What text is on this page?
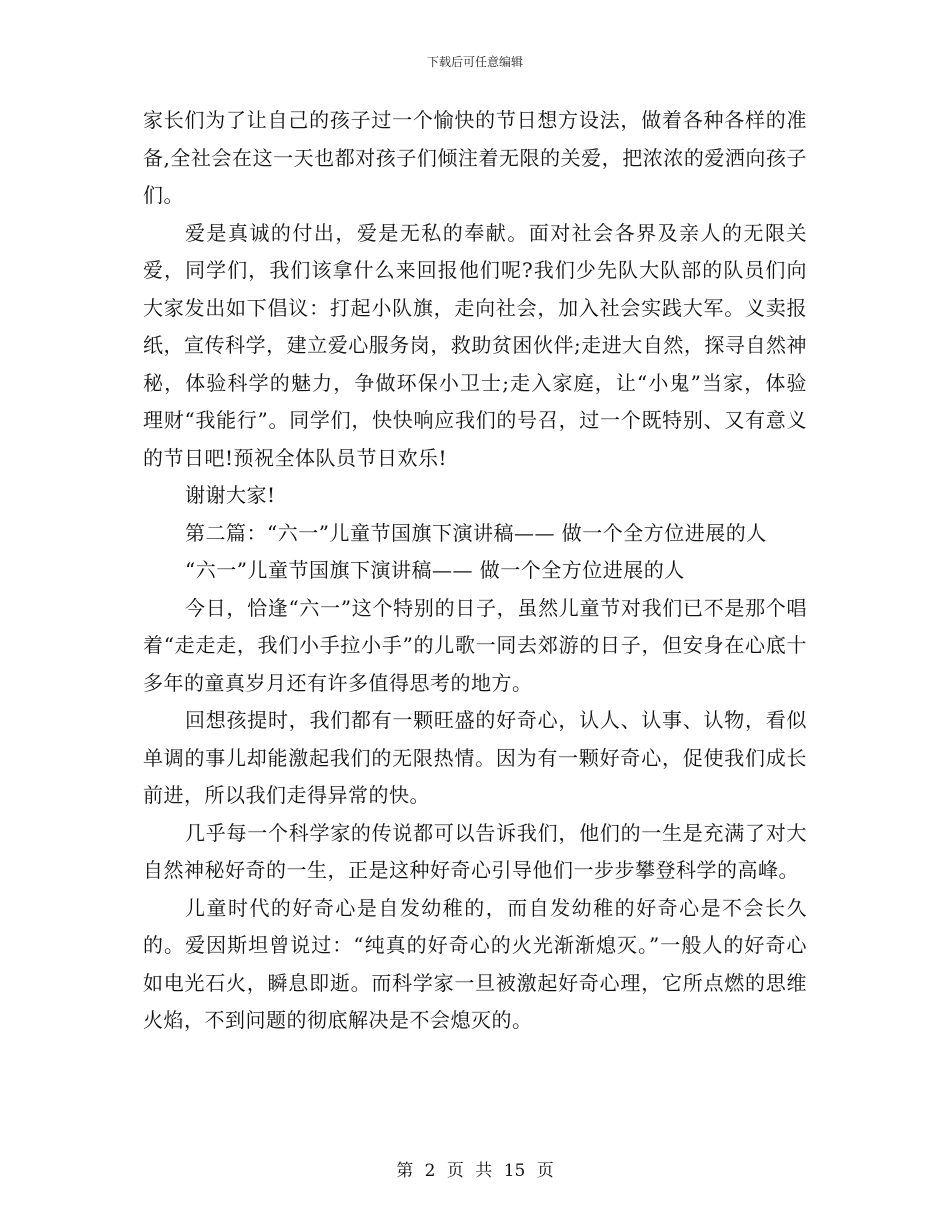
下载后可任意编辑

家长们为了让自己的孩子过一个愉快的节日想方设法，做着各种各样的准备,全社会在这一天也都对孩子们倾注着无限的关爱，把浓浓的爱洒向孩子们。

爱是真诚的付出，爱是无私的奉献。面对社会各界及亲人的无限关爱，同学们，我们该拿什么来回报他们呢?我们少先队大队部的队员们向大家发出如下倡议：打起小队旗，走向社会，加入社会实践大军。义卖报纸，宣传科学，建立爱心服务岗，救助贫困伙伴;走进大自然，探寻自然神秘，体验科学的魅力，争做环保小卫士;走入家庭，让“小鬼”当家，体验理财“我能行”。同学们，快快响应我们的号召，过一个既特别、又有意义的节日吧!预祝全体队员节日欢乐!

谢谢大家!

第二篇：“六一”儿童节国旗下演讲稿—— 做一个全方位进展的人

“六一”儿童节国旗下演讲稿—— 做一个全方位进展的人

今日，恰逢“六一”这个特别的日子，虽然儿童节对我们已不是那个唱着“走走走，我们小手拉小手”的儿歌一同去郊游的日子，但安身在心底十多年的童真岁月还有许多值得思考的地方。

回想孩提时，我们都有一颗旺盛的好奇心，认人、认事、认物，看似单调的事儿却能激起我们的无限热情。因为有一颗好奇心，促使我们成长前进，所以我们走得异常的快。

几乎每一个科学家的传说都可以告诉我们，他们的一生是充满了对大自然神秘好奇的一生，正是这种好奇心引导他们一步步攀登科学的高峰。

儿童时代的好奇心是自发幼稚的，而自发幼稚的好奇心是不会长久的。爱因斯坦曾说过：“纯真的好奇心的火光渐渐熄灭。”一般人的好奇心如电光石火，瞬息即逝。而科学家一旦被激起好奇心理，它所点燃的思维火焰，不到问题的彻底解决是不会熄灭的。

第 2 页 共 15 页
